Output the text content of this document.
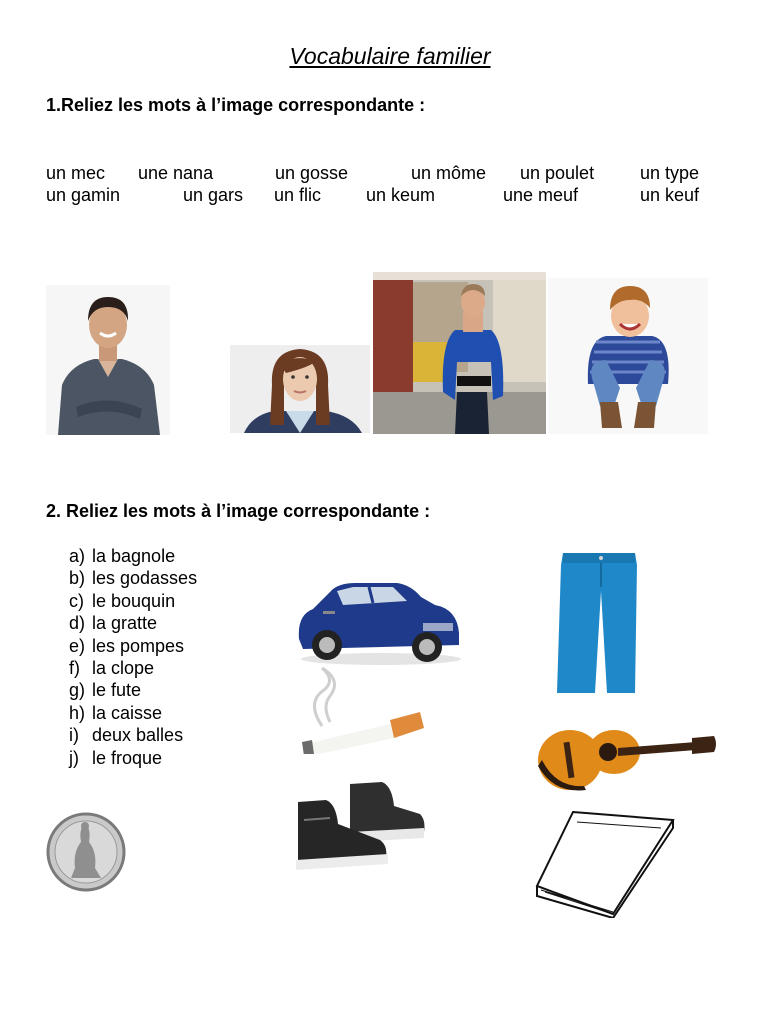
Vocabulaire familier
1.Reliez les mots à l’image correspondante :
un mec une nana	un gosse	un môme un poulet	un type
un gamin	un gars un flic un keum	une meuf	un keuf
2. Reliez les mots à l’image correspondante :
a) la bagnole
b) les godasses
c) le bouquin
d) la gratte
e) les pompes
f) la clope
g) le fute
h) la caisse
i) deux balles
j) le froque
